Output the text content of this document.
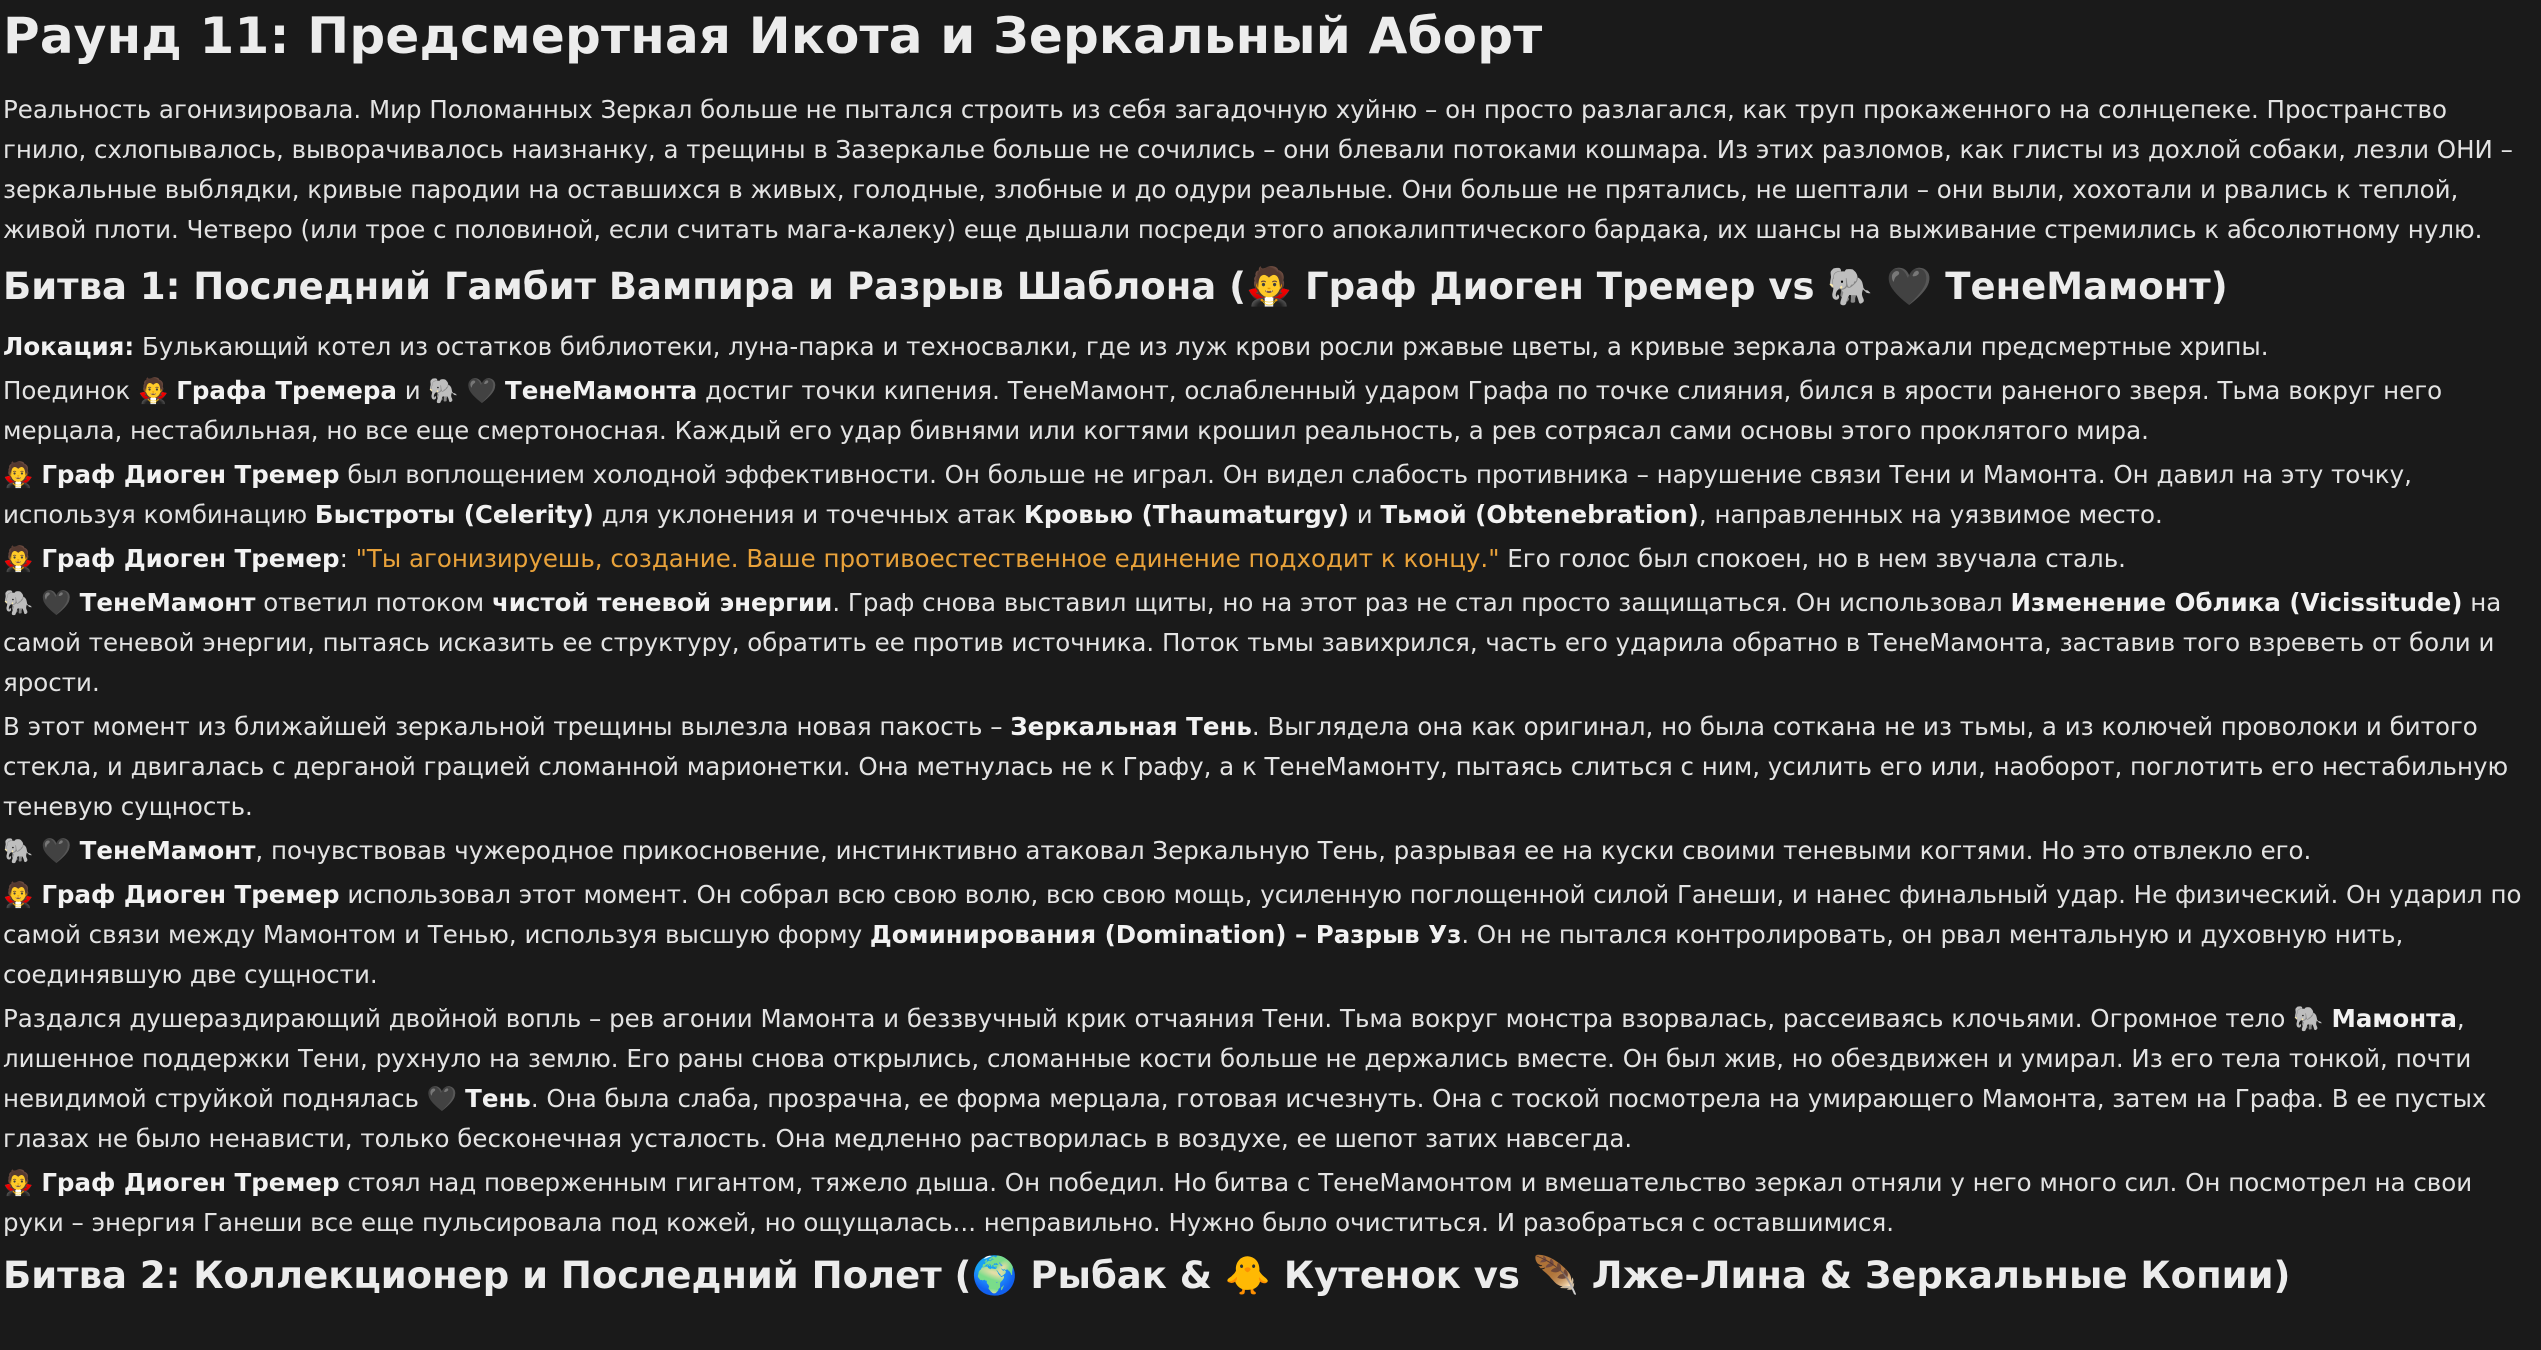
Раунд 11: Предсмертная Икота и Зеркальный Аборт

Реальность агонизировала. Мир Поломанных Зеркал больше не пытался строить из себя загадочную хуйню – он просто разлагался, как труп прокаженного на солнцепеке. Пространство гнило, схлопывалось, выворачивалось наизнанку, а трещины в Зазеркалье больше не сочились – они блевали потоками кошмара. Из этих разломов, как глисты из дохлой собаки, лезли ОНИ – зеркальные выблядки, кривые пародии на оставшихся в живых, голодные, злобные и до одури реальные. Они больше не прятались, не шептали – они выли, хохотали и рвались к теплой, живой плоти. Четверо (или трое с половиной, если считать мага-калеку) еще дышали посреди этого апокалиптического бардака, их шансы на выживание стремились к абсолютному нулю.

Битва 1: Последний Гамбит Вампира и Разрыв Шаблона (🧛 Граф Диоген Тремер vs 🐘 🖤 ТенеМамонт)

Локация: Булькающий котел из остатков библиотеки, луна-парка и техносвалки, где из луж крови росли ржавые цветы, а кривые зеркала отражали предсмертные хрипы.

Поединок 🧛 Графа Тремера и 🐘 🖤 ТенеМамонта достиг точки кипения. ТенеМамонт, ослабленный ударом Графа по точке слияния, бился в ярости раненого зверя. Тьма вокруг него мерцала, нестабильная, но все еще смертоносная. Каждый его удар бивнями или когтями крошил реальность, а рев сотрясал сами основы этого проклятого мира.

🧛 Граф Диоген Тремер был воплощением холодной эффективности. Он больше не играл. Он видел слабость противника – нарушение связи Тени и Мамонта. Он давил на эту точку, используя комбинацию Быстроты (Celerity) для уклонения и точечных атак Кровью (Thaumaturgy) и Тьмой (Obtenebration), направленных на уязвимое место.

🧛 Граф Диоген Тремер: "Ты агонизируешь, создание. Ваше противоестественное единение подходит к концу." Его голос был спокоен, но в нем звучала сталь.

🐘 🖤 ТенеМамонт ответил потоком чистой теневой энергии. Граф снова выставил щиты, но на этот раз не стал просто защищаться. Он использовал Изменение Облика (Vicissitude) на самой теневой энергии, пытаясь исказить ее структуру, обратить ее против источника. Поток тьмы завихрился, часть его ударила обратно в ТенеМамонта, заставив того взреветь от боли и ярости.

В этот момент из ближайшей зеркальной трещины вылезла новая пакость – Зеркальная Тень. Выглядела она как оригинал, но была соткана не из тьмы, а из колючей проволоки и битого стекла, и двигалась с дерганой грацией сломанной марионетки. Она метнулась не к Графу, а к ТенеМамонту, пытаясь слиться с ним, усилить его или, наоборот, поглотить его нестабильную теневую сущность.

🐘 🖤 ТенеМамонт, почувствовав чужеродное прикосновение, инстинктивно атаковал Зеркальную Тень, разрывая ее на куски своими теневыми когтями. Но это отвлекло его.

🧛 Граф Диоген Тремер использовал этот момент. Он собрал всю свою волю, всю свою мощь, усиленную поглощенной силой Ганеши, и нанес финальный удар. Не физический. Он ударил по самой связи между Мамонтом и Тенью, используя высшую форму Доминирования (Domination) – Разрыв Уз. Он не пытался контролировать, он рвал ментальную и духовную нить, соединявшую две сущности.

Раздался душераздирающий двойной вопль – рев агонии Мамонта и беззвучный крик отчаяния Тени. Тьма вокруг монстра взорвалась, рассеиваясь клочьями. Огромное тело 🐘 Мамонта, лишенное поддержки Тени, рухнуло на землю. Его раны снова открылись, сломанные кости больше не держались вместе. Он был жив, но обездвижен и умирал. Из его тела тонкой, почти невидимой струйкой поднялась 🖤 Тень. Она была слаба, прозрачна, ее форма мерцала, готовая исчезнуть. Она с тоской посмотрела на умирающего Мамонта, затем на Графа. В ее пустых глазах не было ненависти, только бесконечная усталость. Она медленно растворилась в воздухе, ее шепот затих навсегда.

🧛 Граф Диоген Тремер стоял над поверженным гигантом, тяжело дыша. Он победил. Но битва с ТенеМамонтом и вмешательство зеркал отняли у него много сил. Он посмотрел на свои руки – энергия Ганеши все еще пульсировала под кожей, но ощущалась... неправильно. Нужно было очиститься. И разобраться с оставшимися.

Битва 2: Коллекционер и Последний Полет (🌍 Рыбак & 🐥 Кутенок vs 🪶 Лже-Лина & Зеркальные Копии)
